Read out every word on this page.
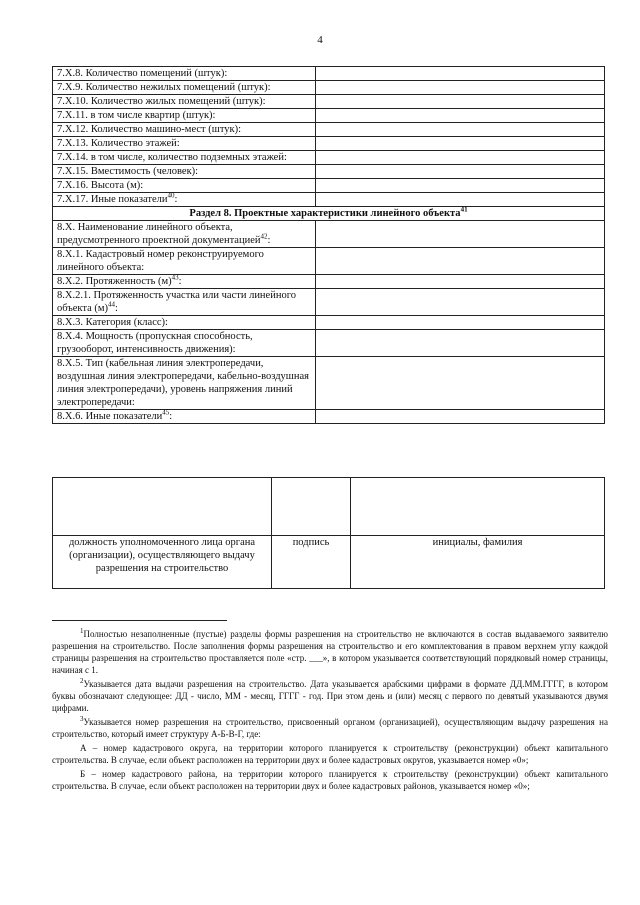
4
7.X.8. Количество помещений (штук):	
7.X.9. Количество нежилых помещений (штук):	
7.X.10. Количество жилых помещений (штук):	
7.X.11. в том числе квартир (штук):	
7.X.12. Количество машино-мест (штук):	
7.X.13. Количество этажей:	
7.X.14. в том числе, количество подземных этажей:	
7.X.15. Вместимость (человек):	
7.X.16. Высота (м):	
7.X.17. Иные показатели$^{40}$:	
Раздел 8. Проектные характеристики линейного объекта$^{41}$
8.X. Наименование линейного объекта, предусмотренного проектной документацией$^{42}$:	
8.X.1. Кадастровый номер реконструируемого линейного объекта:	
8.X.2. Протяженность $(м)^{43}$:	
8.X.2.1. Протяженность участка или части линейного объекта $(м)^{44}$:	
8.X.3. Категория (класс):	
8.X.4. Мощность (пропускная способность, грузооборот, интенсивность движения):	
8.X.5. Тип (кабельная линия электропередачи, воздушная линия электропередачи, кабельно-воздушная линия электропередачи), уровень напряжения линий электропередачи:	
8.X.6. Иные показатели$^{45}$:	

должность уполномоченного лица органа (организации), осуществляющего выдачу разрешения на строительство	подпись	инициалы, фамилия

$^1$Полностью незаполненные (пустые) разделы формы разрешения на строительство не включаются в состав выдаваемого заявителю разрешения на строительство. После заполнения формы разрешения на строительство и его комплектования в правом верхнем углу каждой страницы разрешения на строительство проставляется поле «стр. ___», в котором указывается соответствующий порядковый номер страницы, начиная с 1.

$^2$Указывается дата выдачи разрешения на строительство. Дата указывается арабскими цифрами в формате ДД.ММ.ГГГГ, в котором буквы обозначают следующее: ДД - число, ММ - месяц, ГГГГ - год. При этом день и (или) месяц с первого по девятый указываются двумя цифрами.

$^3$Указывается номер разрешения на строительство, присвоенный органом (организацией), осуществляющим выдачу разрешения на строительство, который имеет структуру А-Б-В-Г, где:

А – номер кадастрового округа, на территории которого планируется к строительству (реконструкции) объект капитального строительства. В случае, если объект расположен на территории двух и более кадастровых округов, указывается номер «0»;

Б – номер кадастрового района, на территории которого планируется к строительству (реконструкции) объект капитального строительства. В случае, если объект расположен на территории двух и более кадастровых районов, указывается номер «0»;
